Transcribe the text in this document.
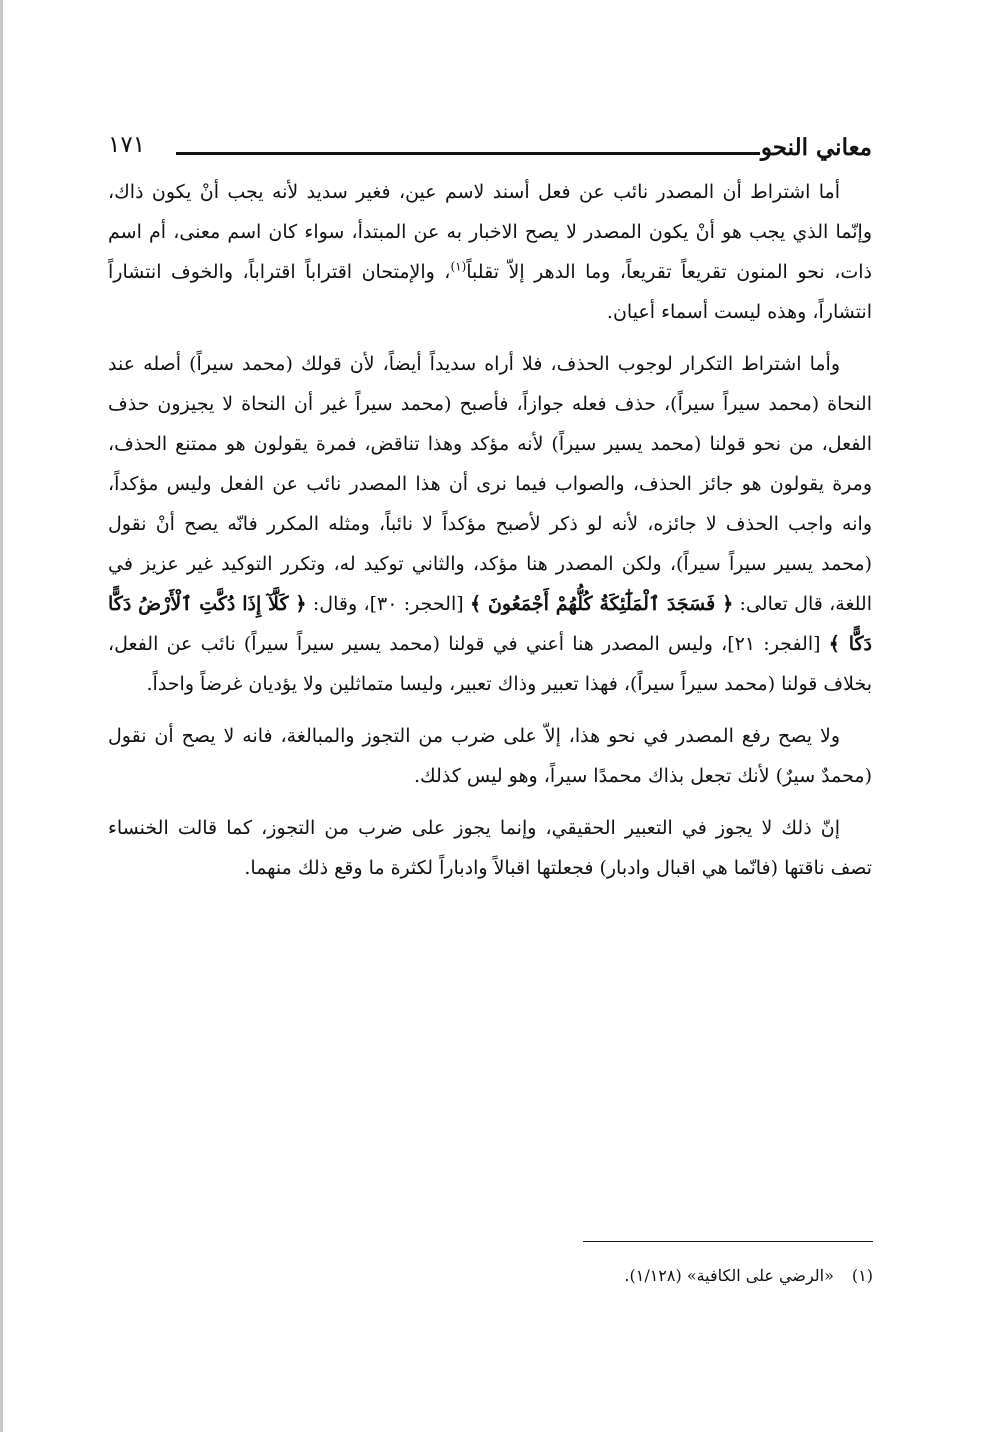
معاني النحو
١٧١

أما اشتراط أن المصدر نائب عن فعل أسند لاسم عين، فغير سديد لأنه يجب أنْ يكون ذاك، وإنّما الذي يجب هو أنْ يكون المصدر لا يصح الاخبار به عن المبتدأ، سواء كان اسم معنى، أم اسم ذات، نحو المنون تقريعاً تقريعاً، وما الدهر إلاّ تقلباً$^{(١)}$، والإمتحان اقتراباً اقتراباً، والخوف انتشاراً انتشاراً، وهذه ليست أسماء أعيان.

وأما اشتراط التكرار لوجوب الحذف، فلا أراه سديداً أيضاً، لأن قولك (محمد سيراً) أصله عند النحاة (محمد سيراً سيراً)، حذف فعله جوازاً، فأصبح (محمد سيراً غير أن النحاة لا يجيزون حذف الفعل، من نحو قولنا (محمد يسير سيراً) لأنه مؤكد وهذا تناقض، فمرة يقولون هو ممتنع الحذف، ومرة يقولون هو جائز الحذف، والصواب فيما نرى أن هذا المصدر نائب عن الفعل وليس مؤكداً، وانه واجب الحذف لا جائزه، لأنه لو ذكر لأصبح مؤكداً لا نائباً، ومثله المكرر فانّه يصح أنْ نقول (محمد يسير سيراً سيراً)، ولكن المصدر هنا مؤكد، والثاني توكيد له، وتكرر التوكيد غير عزيز في اللغة، قال تعالى: ﴿ فَسَجَدَ ٱلْمَلَٰٓئِكَةُ كُلُّهُمْ أَجْمَعُونَ ﴾ [الحجر: ٣٠]، وقال: ﴿ كَلَّآ إِذَا دُكَّتِ ٱلْأَرْضُ دَكًّا دَكًّا ﴾ [الفجر: ٢١]، وليس المصدر هنا أعني في قولنا (محمد يسير سيراً سيراً) نائب عن الفعل، بخلاف قولنا (محمد سيراً سيراً)، فهذا تعبير وذاك تعبير، وليسا متماثلين ولا يؤديان غرضاً واحداً.

ولا يصح رفع المصدر في نحو هذا، إلاّ على ضرب من التجوز والمبالغة، فانه لا يصح أن نقول (محمدٌ سيرٌ) لأنك تجعل بذاك محمدًا سيراً، وهو ليس كذلك.

إنّ ذلك لا يجوز في التعبير الحقيقي، وإنما يجوز على ضرب من التجوز، كما قالت الخنساء تصف ناقتها (فانّما هي اقبال وادبار) فجعلتها اقبالاً وادباراً لكثرة ما وقع ذلك منهما.

(١)«الرضي على الكافية» (١/١٢٨).
